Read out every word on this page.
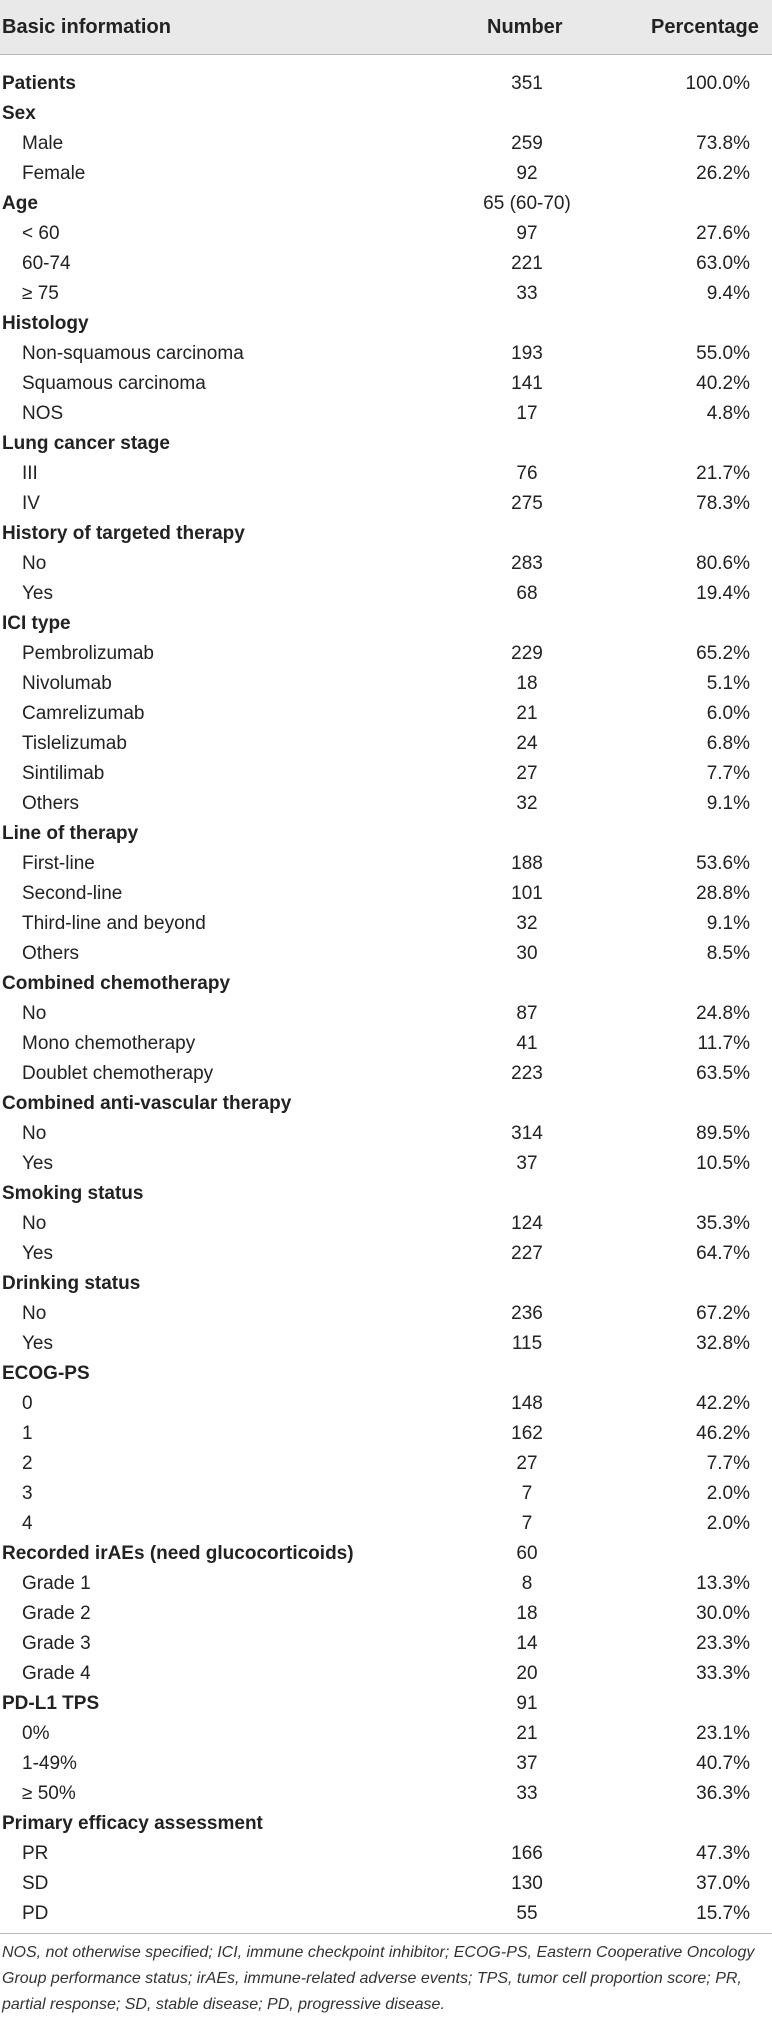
Basic information	Number	Percentage
Patients	351	100.0%
Sex
Male	259	73.8%
Female	92	26.2%
Age	65 (60-70)
< 60	97	27.6%
60-74	221	63.0%
≥ 75	33	9.4%
Histology
Non-squamous carcinoma	193	55.0%
Squamous carcinoma	141	40.2%
NOS	17	4.8%
Lung cancer stage
III	76	21.7%
IV	275	78.3%
History of targeted therapy
No	283	80.6%
Yes	68	19.4%
ICI type
Pembrolizumab	229	65.2%
Nivolumab	18	5.1%
Camrelizumab	21	6.0%
Tislelizumab	24	6.8%
Sintilimab	27	7.7%
Others	32	9.1%
Line of therapy
First-line	188	53.6%
Second-line	101	28.8%
Third-line and beyond	32	9.1%
Others	30	8.5%
Combined chemotherapy
No	87	24.8%
Mono chemotherapy	41	11.7%
Doublet chemotherapy	223	63.5%
Combined anti-vascular therapy
No	314	89.5%
Yes	37	10.5%
Smoking status
No	124	35.3%
Yes	227	64.7%
Drinking status
No	236	67.2%
Yes	115	32.8%
ECOG-PS
0	148	42.2%
1	162	46.2%
2	27	7.7%
3	7	2.0%
4	7	2.0%
Recorded irAEs (need glucocorticoids)	60
Grade 1	8	13.3%
Grade 2	18	30.0%
Grade 3	14	23.3%
Grade 4	20	33.3%
PD-L1 TPS	91
0%	21	23.1%
1-49%	37	40.7%
≥ 50%	33	36.3%
Primary efficacy assessment
PR	166	47.3%
SD	130	37.0%
PD	55	15.7%
NOS, not otherwise specified; ICI, immune checkpoint inhibitor; ECOG-PS, Eastern Cooperative Oncology Group performance status; irAEs, immune-related adverse events; TPS, tumor cell proportion score; PR, partial response; SD, stable disease; PD, progressive disease.
